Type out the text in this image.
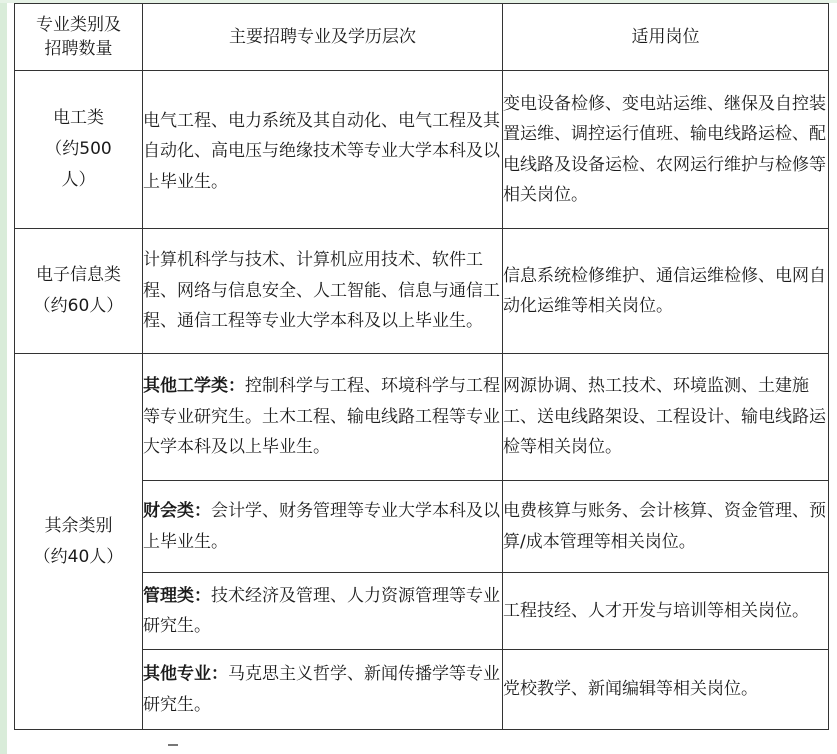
专业类别及
招聘数量	主要招聘专业及学历层次	适用岗位

电工类
（约500
人）	电气工程、电力系统及其自动化、电气工程及其自动化、高电压与绝缘技术等专业大学本科及以上毕业生。	变电设备检修、变电站运维、继保及自控装置运维、调控运行值班、输电线路运检、配电线路及设备运检、农网运行维护与检修等相关岗位。

电子信息类
（约60人）	计算机科学与技术、计算机应用技术、软件工程、网络与信息安全、人工智能、信息与通信工程、通信工程等专业大学本科及以上毕业生。	信息系统检修维护、通信运维检修、电网自动化运维等相关岗位。

其余类别
（约40人）	其他工学类：控制科学与工程、环境科学与工程等专业研究生。土木工程、输电线路工程等专业大学本科及以上毕业生。	网源协调、热工技术、环境监测、土建施工、送电线路架设、工程设计、输电线路运检等相关岗位。
	财会类：会计学、财务管理等专业大学本科及以上毕业生。	电费核算与账务、会计核算、资金管理、预算/成本管理等相关岗位。
	管理类：技术经济及管理、人力资源管理等专业研究生。	工程技经、人才开发与培训等相关岗位。
	其他专业：马克思主义哲学、新闻传播学等专业研究生。	党校教学、新闻编辑等相关岗位。
